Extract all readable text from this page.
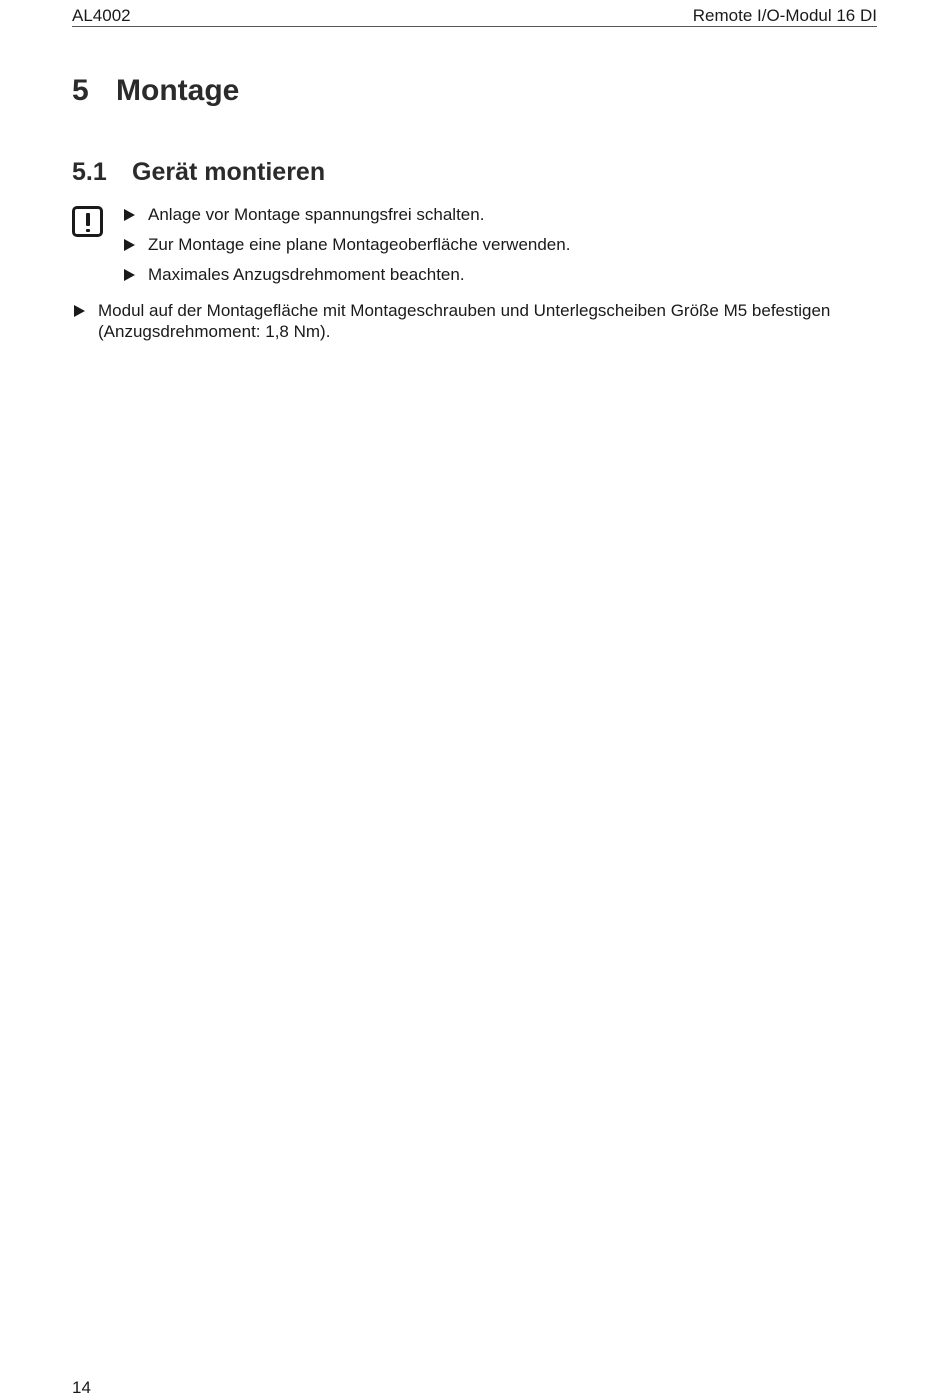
AL4002	Remote I/O-Modul 16 DI
5 Montage
5.1 Gerät montieren
Anlage vor Montage spannungsfrei schalten.
Zur Montage eine plane Montageoberfläche verwenden.
Maximales Anzugsdrehmoment beachten.
Modul auf der Montagefläche mit Montageschrauben und Unterlegscheiben Größe M5 befestigen
(Anzugsdrehmoment: 1,8 Nm).
14
